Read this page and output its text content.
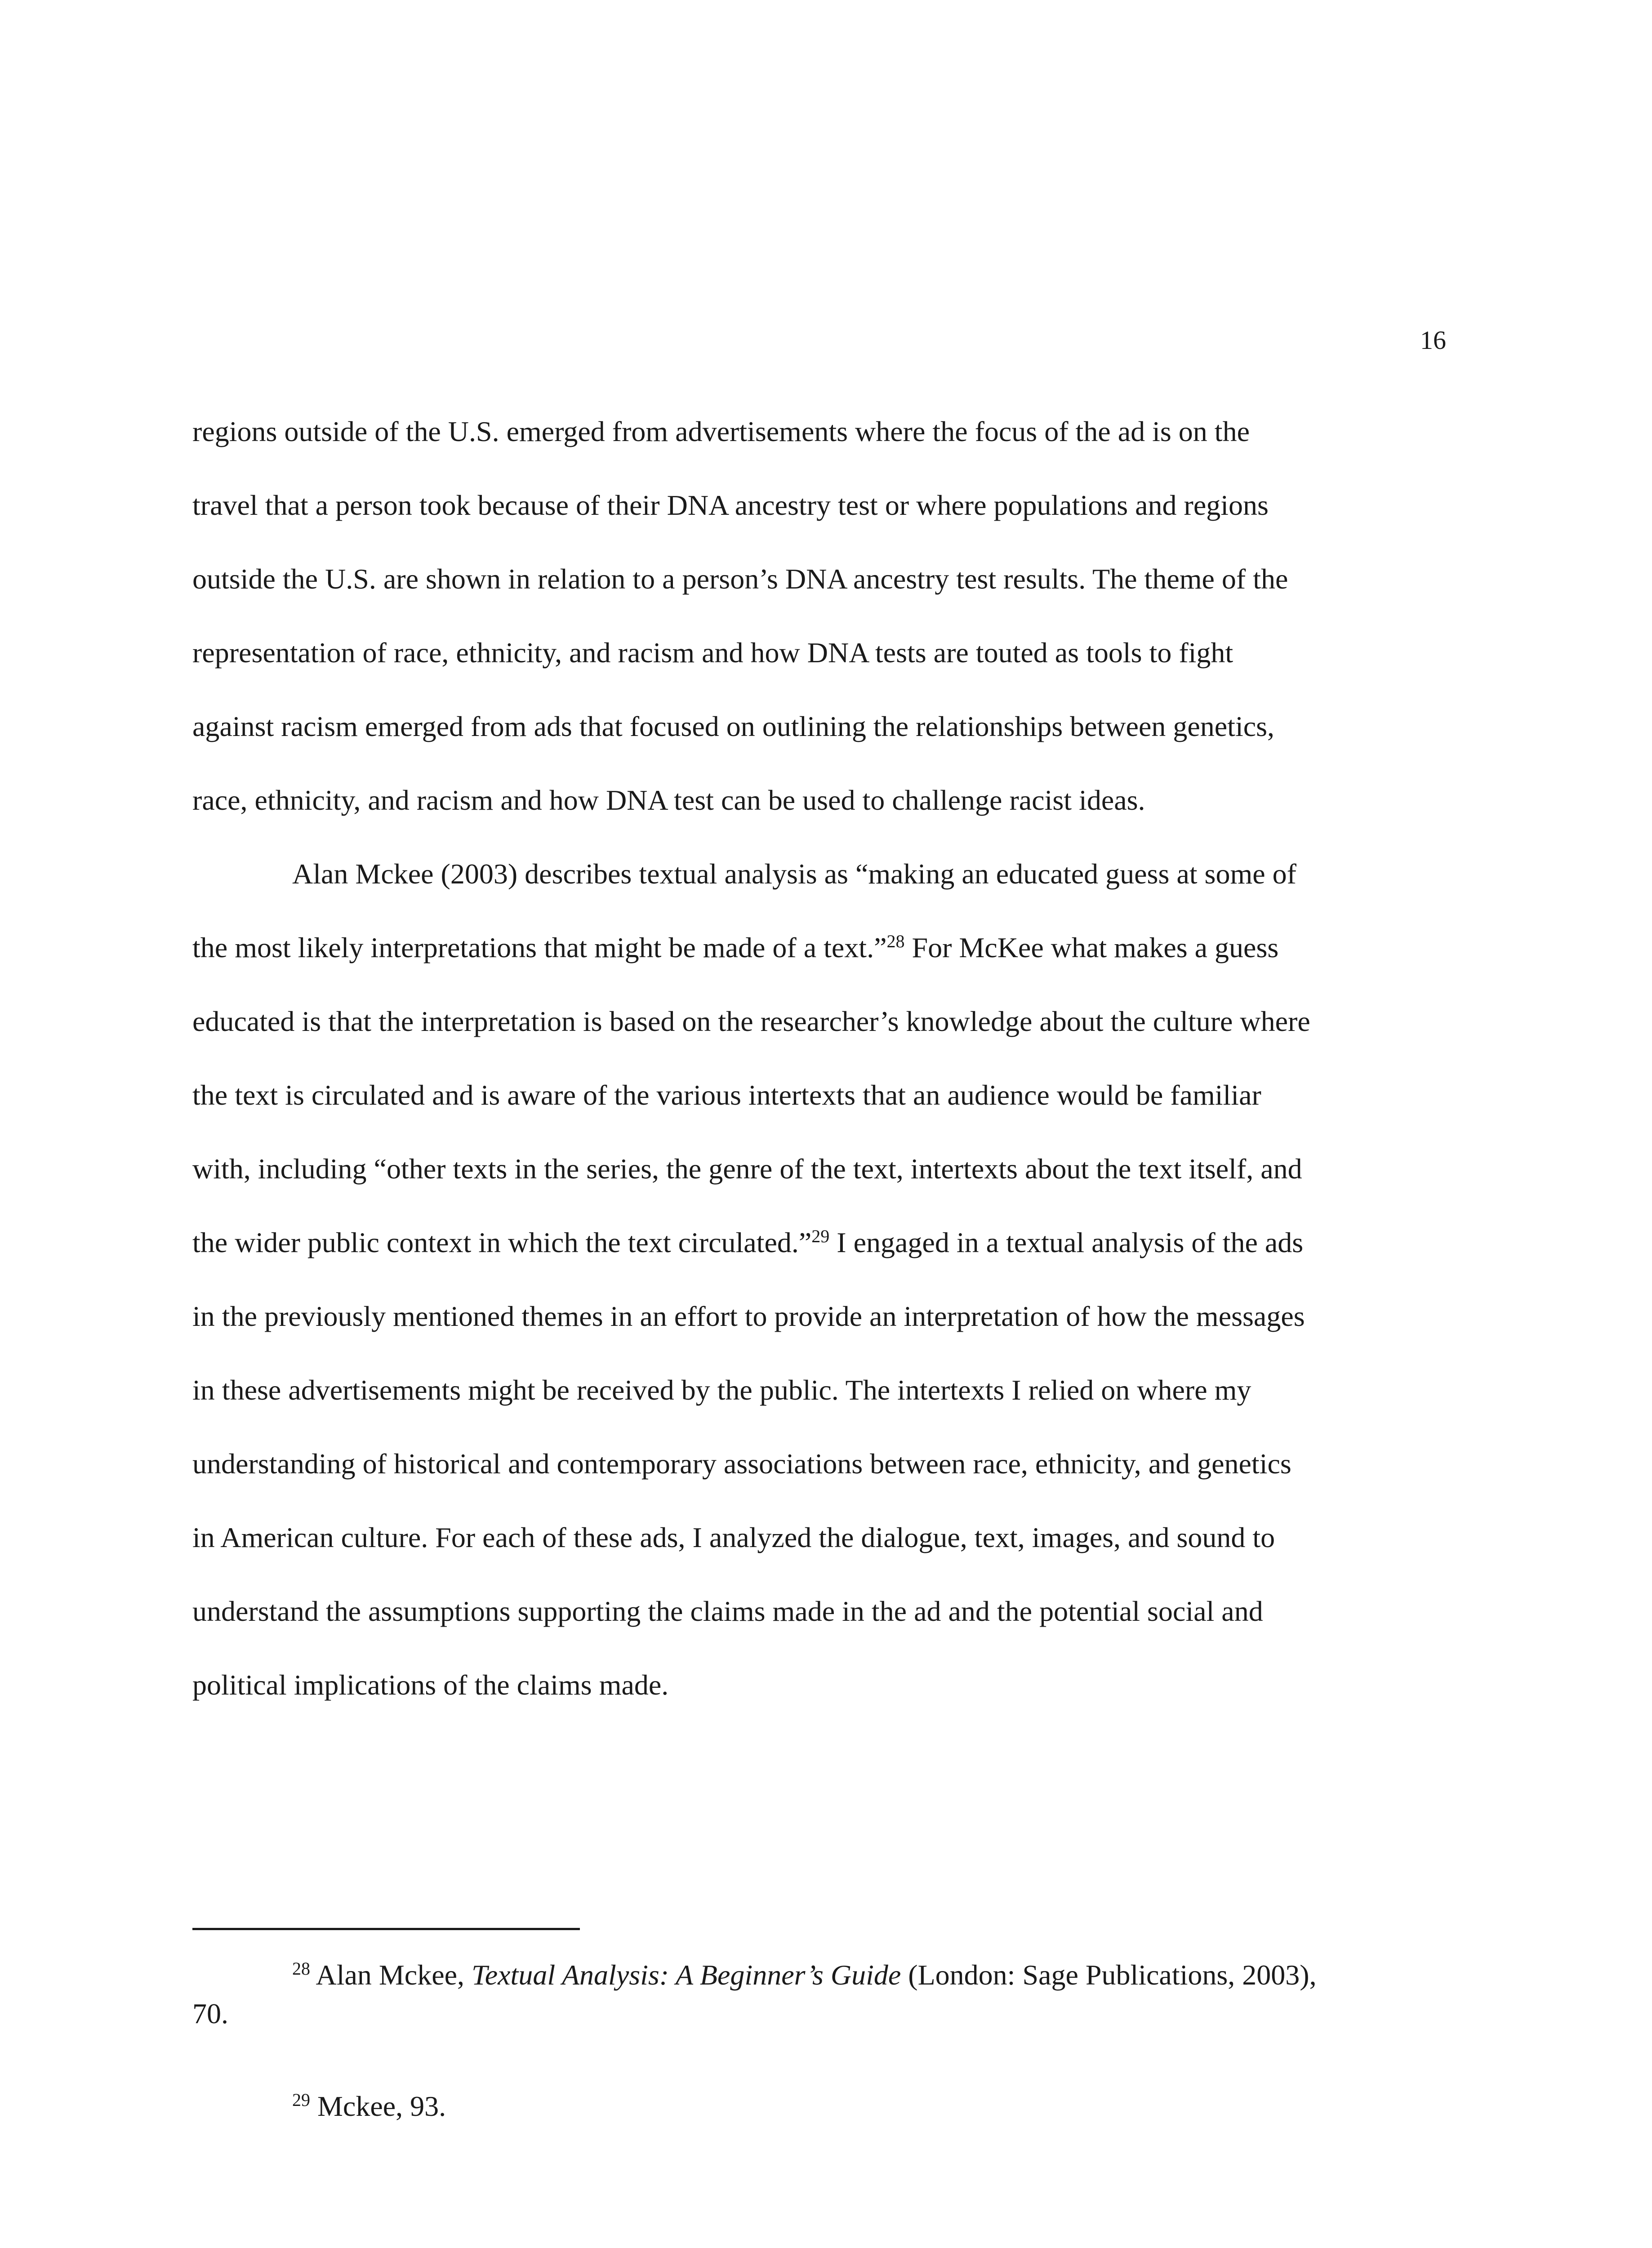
16
regions outside of the U.S. emerged from advertisements where the focus of the ad is on the
travel that a person took because of their DNA ancestry test or where populations and regions
outside the U.S. are shown in relation to a person’s DNA ancestry test results. The theme of the
representation of race, ethnicity, and racism and how DNA tests are touted as tools to fight
against racism emerged from ads that focused on outlining the relationships between genetics,
race, ethnicity, and racism and how DNA test can be used to challenge racist ideas.
Alan Mckee (2003) describes textual analysis as “making an educated guess at some of
the most likely interpretations that might be made of a text.”$^{28}$ For McKee what makes a guess
educated is that the interpretation is based on the researcher’s knowledge about the culture where
the text is circulated and is aware of the various intertexts that an audience would be familiar
with, including “other texts in the series, the genre of the text, intertexts about the text itself, and
the wider public context in which the text circulated.”$^{29}$ I engaged in a textual analysis of the ads
in the previously mentioned themes in an effort to provide an interpretation of how the messages
in these advertisements might be received by the public. The intertexts I relied on where my
understanding of historical and contemporary associations between race, ethnicity, and genetics
in American culture. For each of these ads, I analyzed the dialogue, text, images, and sound to
understand the assumptions supporting the claims made in the ad and the potential social and
political implications of the claims made.
$^{28}$ Alan Mckee, Textual Analysis: A Beginner’s Guide (London: Sage Publications, 2003),
70.
$^{29}$ Mckee, 93.
